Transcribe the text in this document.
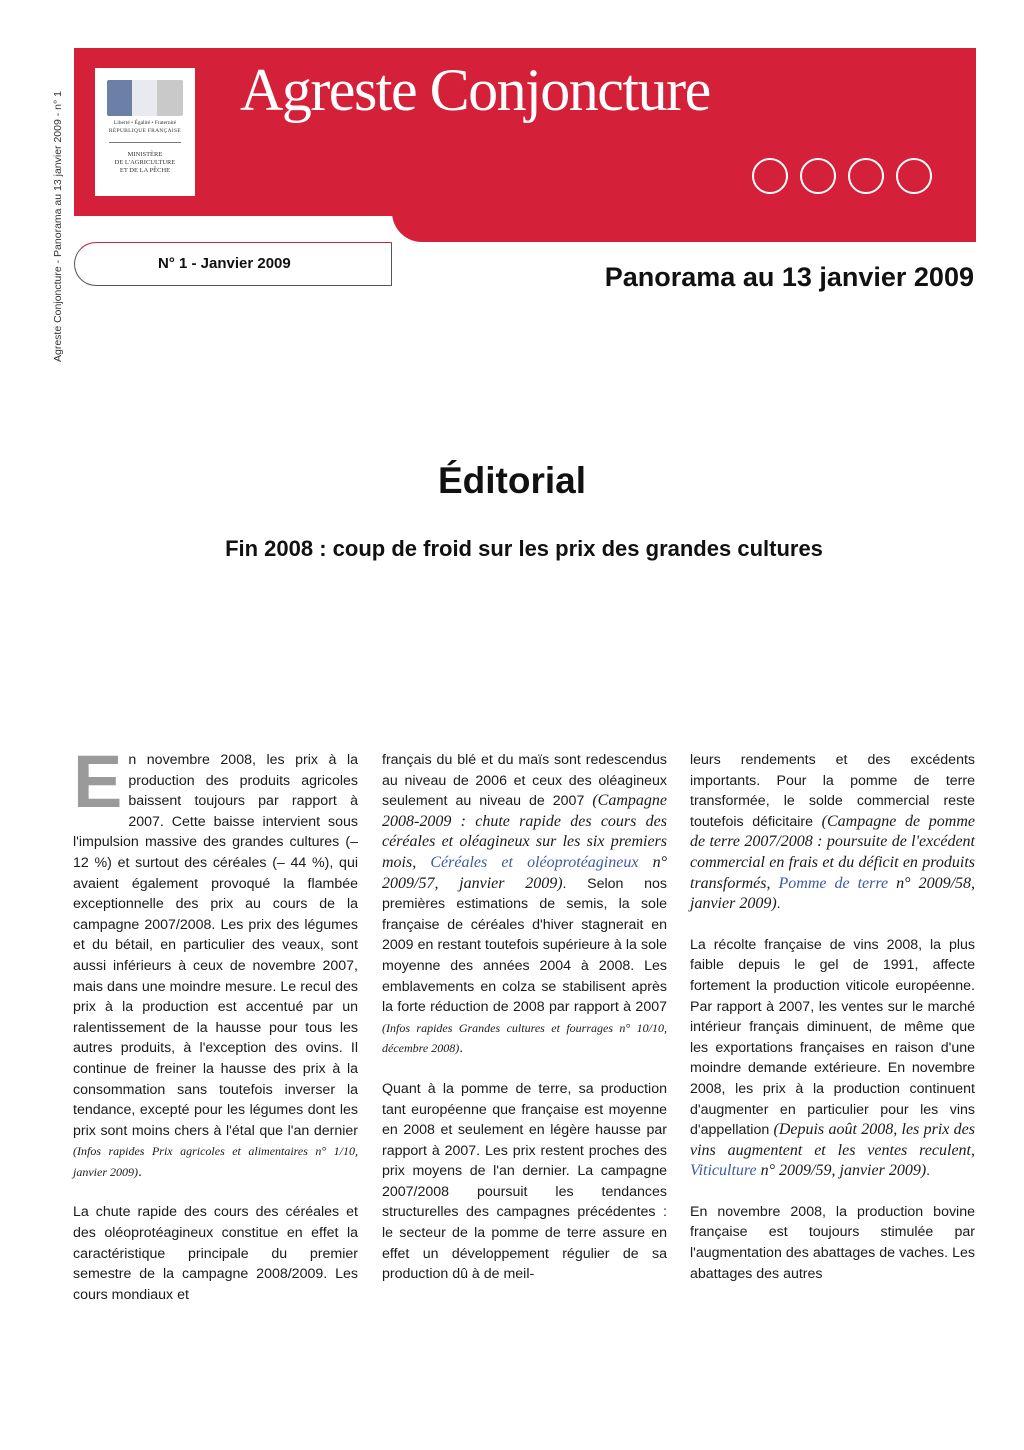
Agreste Conjoncture - Panorama au 13 janvier 2009 - n° 1	Liberté • Égalité • Fraternité
RÉPUBLIQUE FRANÇAISE
MINISTÈRE
DE L'AGRICULTURE
ET DE LA PÊCHE
Agreste Conjoncture
N° 1 - Janvier 2009	Panorama au 13 janvier 2009
Éditorial
Fin 2008 : coup de froid sur les prix des grandes cultures

En novembre 2008, les prix à la production des produits agricoles baissent toujours par rapport à 2007. Cette baisse intervient sous l'impulsion massive des grandes cultures (– 12 %) et surtout des céréales (– 44 %), qui avaient également provoqué la flambée exceptionnelle des prix au cours de la campagne 2007/2008. Les prix des légumes et du bétail, en particulier des veaux, sont aussi inférieurs à ceux de novembre 2007, mais dans une moindre mesure. Le recul des prix à la production est accentué par un ralentissement de la hausse pour tous les autres produits, à l'exception des ovins. Il continue de freiner la hausse des prix à la consommation sans toutefois inverser la tendance, excepté pour les légumes dont les prix sont moins chers à l'étal que l'an dernier (Infos rapides Prix agricoles et alimentaires n° 1/10, janvier 2009).

La chute rapide des cours des céréales et des oléoprotéagineux constitue en effet la caractéristique principale du premier semestre de la campagne 2008/2009. Les cours mondiaux et

français du blé et du maïs sont redescendus au niveau de 2006 et ceux des oléagineux seulement au niveau de 2007 (Campagne 2008-2009 : chute rapide des cours des céréales et oléagineux sur les six premiers mois, Céréales et oléoprotéagineux n° 2009/57, janvier 2009). Selon nos premières estimations de semis, la sole française de céréales d'hiver stagnerait en 2009 en restant toutefois supérieure à la sole moyenne des années 2004 à 2008. Les emblavements en colza se stabilisent après la forte réduction de 2008 par rapport à 2007 (Infos rapides Grandes cultures et fourrages n° 10/10, décembre 2008).

Quant à la pomme de terre, sa production tant européenne que française est moyenne en 2008 et seulement en légère hausse par rapport à 2007. Les prix restent proches des prix moyens de l'an dernier. La campagne 2007/2008 poursuit les tendances structurelles des campagnes précédentes : le secteur de la pomme de terre assure en effet un développement régulier de sa production dû à de meil-

leurs rendements et des excédents importants. Pour la pomme de terre transformée, le solde commercial reste toutefois déficitaire (Campagne de pomme de terre 2007/2008 : poursuite de l'excédent commercial en frais et du déficit en produits transformés, Pomme de terre n° 2009/58, janvier 2009).

La récolte française de vins 2008, la plus faible depuis le gel de 1991, affecte fortement la production viticole européenne. Par rapport à 2007, les ventes sur le marché intérieur français diminuent, de même que les exportations françaises en raison d'une moindre demande extérieure. En novembre 2008, les prix à la production continuent d'augmenter en particulier pour les vins d'appellation (Depuis août 2008, les prix des vins augmentent et les ventes reculent, Viticulture n° 2009/59, janvier 2009).

En novembre 2008, la production bovine française est toujours stimulée par l'augmentation des abattages de vaches. Les abattages des autres
